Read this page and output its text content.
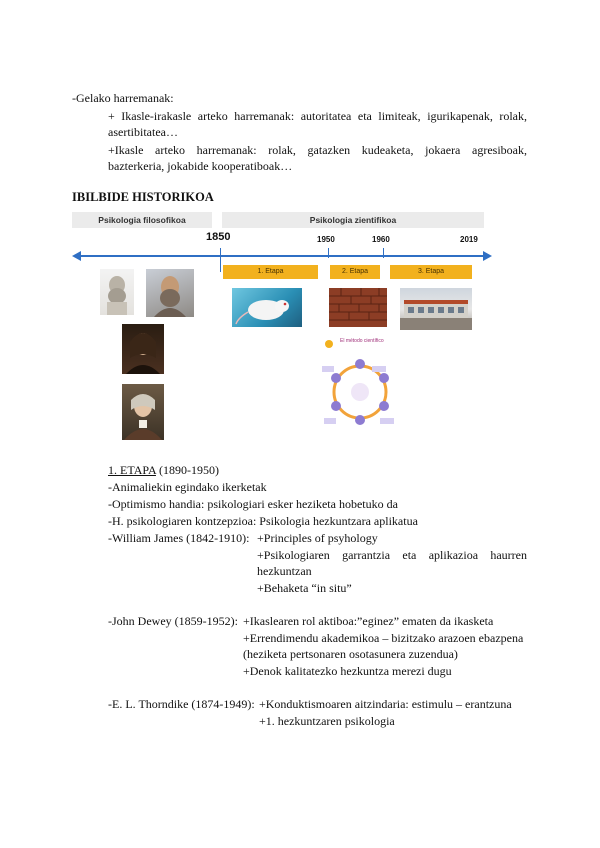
-Gelako harremanak:
+ Ikasle-irakasle arteko harremanak: autoritatea eta limiteak, igurikapenak, rolak,
asertibitatea…
+Ikasle arteko harremanak: rolak, gatazken kudeaketa, jokaera agresiboak,
bazterkeria, jokabide kooperatiboak…
IBILBIDE HISTORIKOA
Psikologia filosofikoa	Psikologia zientifikoa
1850	1950	1960	2019
1. Etapa	2. Etapa	3. Etapa
El método científico
1. ETAPA (1890-1950)
-Animaliekin egindako ikerketak
-Optimismo handia: psikologiari esker heziketa hobetuko da
-H. psikologiaren kontzepzioa: Psikologia hezkuntzara aplikatua
-William James (1842-1910): +Principles of psyhology
+Psikologiaren garrantzia eta aplikazioa haurren
hezkuntzan
+Behaketa “in situ”
-John Dewey (1859-1952): +Ikaslearen rol aktiboa:”eginez” ematen da ikasketa
+Errendimendu akademikoa – bizitzako arazoen ebazpena
(heziketa pertsonaren osotasunera zuzendua)
+Denok kalitatezko hezkuntza merezi dugu
-E. L. Thorndike (1874-1949): +Konduktismoaren aitzindaria: estimulu – erantzuna
+1. hezkuntzaren psikologia
